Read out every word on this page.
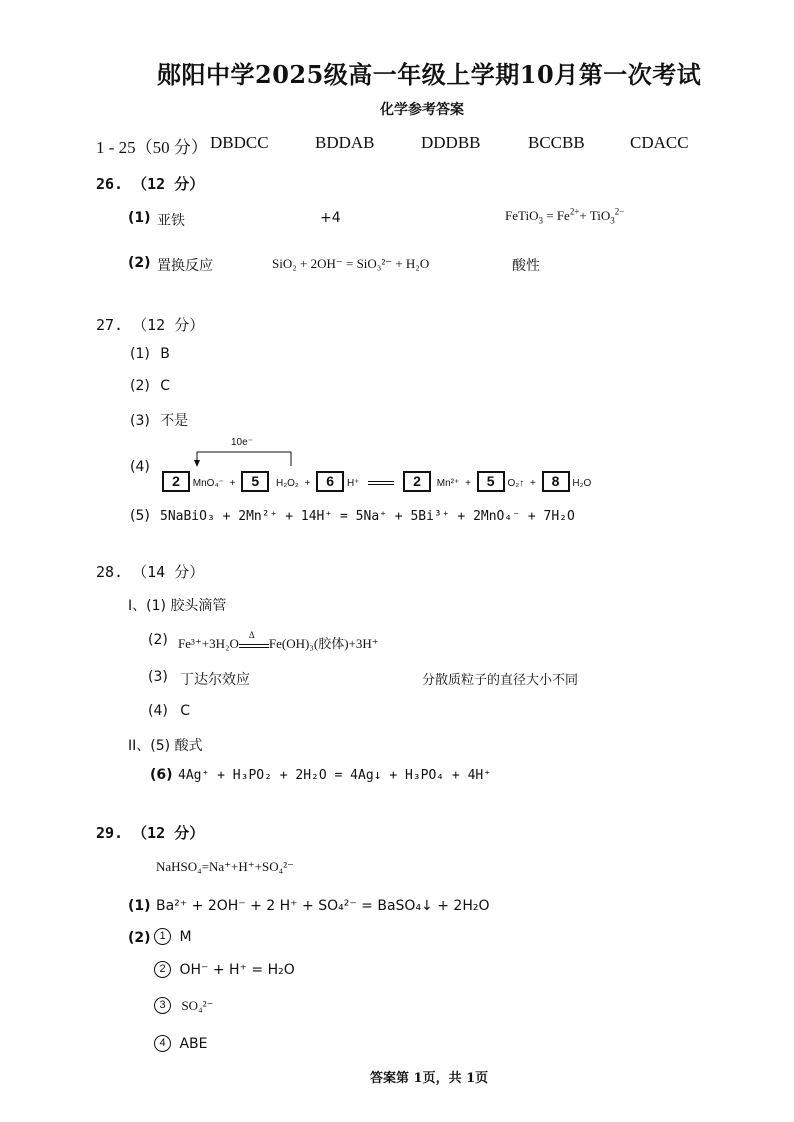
郧阳中学2025级高一年级上学期10月第一次考试
化学参考答案
1 - 25（50 分） DBDCC	BDDAB	DDDBB	BCCBB	CDACC
26. （12 分）
(1) 亚铁	+4	FeTiO$_3$ = $Fe^{2+}+ TiO_3^{2-}$
(2) 置换反应	SiO₂ + 2OH⁻ = SiO₃²⁻ + H₂O	酸性
27. （12 分）
(1) B
(2) C
(3) 不是
(4)
10e⁻
2 MnO₄⁻ + 5 H₂O₂ + 6 H⁺	2 Mn²⁺ + 5 O₂↑ + 8 H₂O
(5) 5NaBiO₃ + 2Mn²⁺ + 14H⁺ = 5Na⁺ + 5Bi³⁺ + 2MnO₄⁻ + 7H₂O
28. （14 分）
I、(1) 胶头滴管
(2) Fe³⁺+3H₂O
Δ
Fe(OH)₃(胶体)+3H⁺
(3) 丁达尔效应	分散质粒子的直径大小不同
(4) C
II、(5) 酸式
(6) 4Ag⁺ + H₃PO₂ + 2H₂O = 4Ag↓ + H₃PO₄ + 4H⁺
29. （12 分）
NaHSO₄=Na⁺+H⁺+SO₄²⁻
(1) Ba²⁺ + 2OH⁻ + 2 H⁺ + SO₄²⁻ = BaSO₄↓ + 2H₂O
(2) 1 M
2 OH⁻ + H⁺ = H₂O
3 SO₄²⁻
4 ABE
答案第 1页，共 1页
